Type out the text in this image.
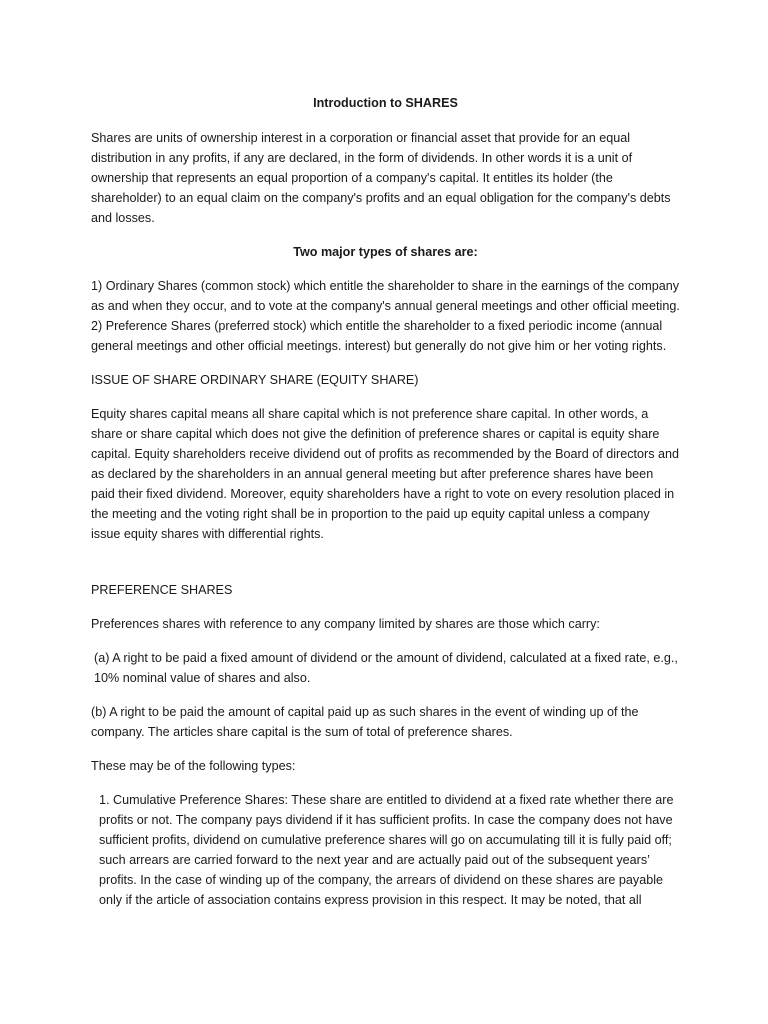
Introduction to SHARES

Shares are units of ownership interest in a corporation or financial asset that provide for an equal distribution in any profits, if any are declared, in the form of dividends. In other words it is a unit of ownership that represents an equal proportion of a company's capital. It entitles its holder (the shareholder) to an equal claim on the company's profits and an equal obligation for the company's debts and losses.

Two major types of shares are:

1) Ordinary Shares (common stock) which entitle the shareholder to share in the earnings of the company as and when they occur, and to vote at the company's annual general meetings and other official meeting. 2) Preference Shares (preferred stock) which entitle the shareholder to a fixed periodic income (annual general meetings and other official meetings. interest) but generally do not give him or her voting rights.

ISSUE OF SHARE ORDINARY SHARE (EQUITY SHARE)

Equity shares capital means all share capital which is not preference share capital. In other words, a share or share capital which does not give the definition of preference shares or capital is equity share capital. Equity shareholders receive dividend out of profits as recommended by the Board of directors and as declared by the shareholders in an annual general meeting but after preference shares have been paid their fixed dividend. Moreover, equity shareholders have a right to vote on every resolution placed in the meeting and the voting right shall be in proportion to the paid up equity capital unless a company issue equity shares with differential rights.

PREFERENCE SHARES

Preferences shares with reference to any company limited by shares are those which carry:

(a) A right to be paid a fixed amount of dividend or the amount of dividend, calculated at a fixed rate, e.g., 10% nominal value of shares and also.

(b) A right to be paid the amount of capital paid up as such shares in the event of winding up of the company. The articles share capital is the sum of total of preference shares.

These may be of the following types:

1. Cumulative Preference Shares: These share are entitled to dividend at a fixed rate whether there are profits or not. The company pays dividend if it has sufficient profits. In case the company does not have sufficient profits, dividend on cumulative preference shares will go on accumulating till it is fully paid off; such arrears are carried forward to the next year and are actually paid out of the subsequent years’ profits. In the case of winding up of the company, the arrears of dividend on these shares are payable only if the article of association contains express provision in this respect. It may be noted, that all
